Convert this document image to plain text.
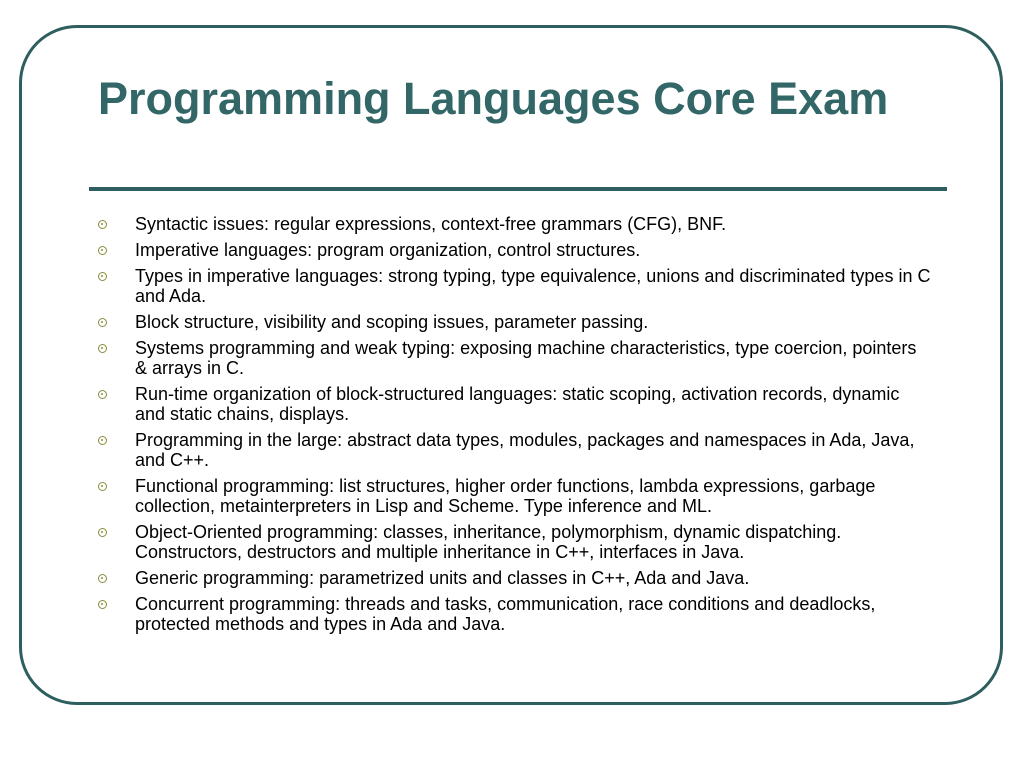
Programming Languages Core Exam
Syntactic issues: regular expressions, context-free grammars (CFG), BNF.
Imperative languages: program organization, control structures.
Types in imperative languages: strong typing, type equivalence, unions and discriminated types in C and Ada.
Block structure, visibility and scoping issues, parameter passing.
Systems programming and weak typing: exposing machine characteristics, type coercion, pointers & arrays in C.
Run-time organization of block-structured languages: static scoping, activation records, dynamic and static chains, displays.
Programming in the large: abstract data types, modules, packages and namespaces in Ada, Java, and C++.
Functional programming: list structures, higher order functions, lambda expressions, garbage collection, metainterpreters in Lisp and Scheme. Type inference and ML.
Object-Oriented programming: classes, inheritance, polymorphism, dynamic dispatching. Constructors, destructors and multiple inheritance in C++, interfaces in Java.
Generic programming: parametrized units and classes in C++, Ada and Java.
Concurrent programming: threads and tasks, communication, race conditions and deadlocks, protected methods and types in Ada and Java.
